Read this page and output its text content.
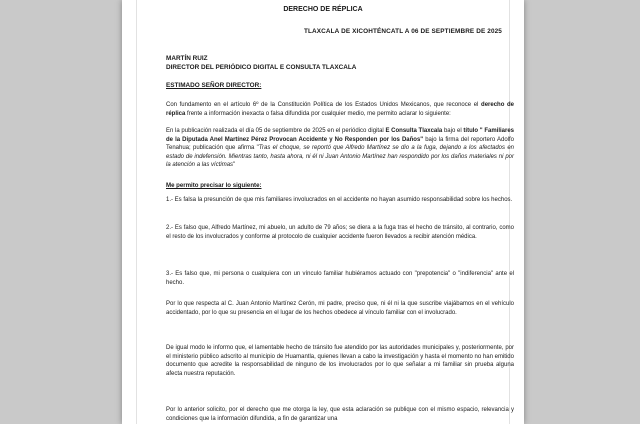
DERECHO DE RÉPLICA
TLAXCALA DE XICOHTÉNCATL A 06 DE SEPTIEMBRE DE 2025
MARTÍN RUIZ
DIRECTOR DEL PERIÓDICO DIGITAL E CONSULTA TLAXCALA
ESTIMADO SEÑOR DIRECTOR:
Con fundamento en el artículo 6º de la Constitución Política de los Estados Unidos Mexicanos, que reconoce el derecho de réplica frente a información inexacta o falsa difundida por cualquier medio, me permito aclarar lo siguiente:
En la publicación realizada el día 05 de septiembre de 2025 en el periódico digital E Consulta Tlaxcala bajo el título " Familiares de la Diputada Anel Martínez Pérez Provocan Accidente y No Responden por los Daños" bajo la firma del reportero Adolfo Tenahua; publicación que afirma "Tras el choque, se reportó que Alfredo Martínez se dio a la fuga, dejando a los afectados en estado de indefensión. Mientras tanto, hasta ahora, ni él ni Juan Antonio Martínez han respondido por los daños materiales ni por la atención a las víctimas"
Me permito precisar lo siguiente:
1.- Es falsa la presunción de que mis familiares involucrados en el accidente no hayan asumido responsabilidad sobre los hechos.
2.- Es falso que, Alfredo Martínez, mi abuelo, un adulto de 79 años; se diera a la fuga tras el hecho de tránsito, al contrario, como el resto de los involucrados y conforme al protocolo de cualquier accidente fueron llevados a recibir atención médica.
3.- Es falso que, mi persona o cualquiera con un vínculo familiar hubiéramos actuado con "prepotencia" o "indiferencia" ante el hecho.
Por lo que respecta al C. Juan Antonio Martínez Cerón, mi padre, preciso que, ni él ni la que suscribe viajábamos en el vehículo accidentado, por lo que su presencia en el lugar de los hechos obedece al vínculo familiar con el involucrado.
De igual modo le informo que, el lamentable hecho de tránsito fue atendido por las autoridades municipales y, posteriormente, por el ministerio público adscrito al municipio de Huamantla, quienes llevan a cabo la investigación y hasta el momento no han emitido documento que acredite la responsabilidad de ninguno de los involucrados por lo que señalar a mi familiar sin prueba alguna afecta nuestra reputación.
Por lo anterior solicito, por el derecho que me otorga la ley, que esta aclaración se publique con el mismo espacio, relevancia y condiciones que la información difundida, a fin de garantizar una
